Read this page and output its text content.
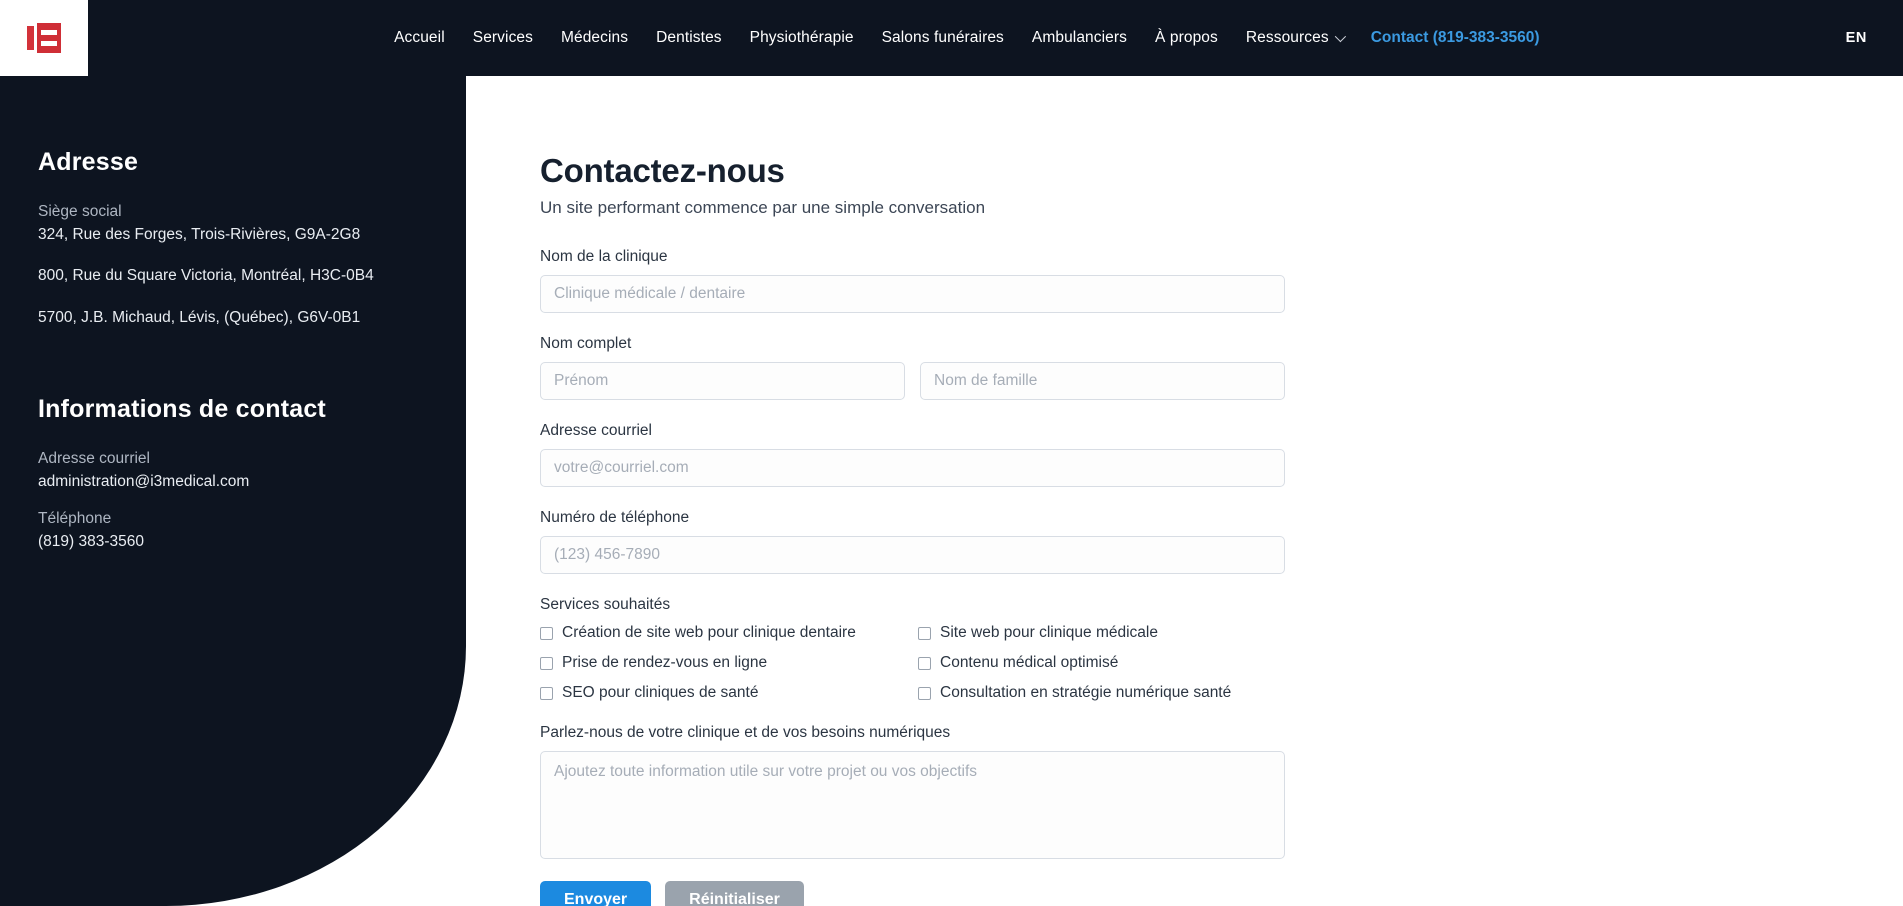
Accueil	Services	Médecins	Dentistes	Physiothérapie	Salons funéraires	Ambulanciers	À propos	Ressources	Contact (819-383-3560)	EN
Adresse

Siège social

324, Rue des Forges, Trois-Rivières, G9A-2G8

800, Rue du Square Victoria, Montréal, H3C-0B4

5700, J.B. Michaud, Lévis, (Québec), G6V-0B1

Informations de contact

Adresse courriel

administration@i3medical.com

Téléphone

(819) 383-3560

Contactez-nous

Un site performant commence par une simple conversation

Nom de la clinique

Clinique médicale / dentaire

Nom complet

Prénom
Nom de famille

Adresse courriel

votre@courriel.com

Numéro de téléphone

(123) 456-7890

Services souhaités

Création de site web pour clinique dentaire	Site web pour clinique médicale
Prise de rendez-vous en ligne	Contenu médical optimisé
SEO pour cliniques de santé	Consultation en stratégie numérique santé

Parlez-nous de votre clinique et de vos besoins numériques

Ajoutez toute information utile sur votre projet ou vos objectifs
Envoyer	Réinitialiser
